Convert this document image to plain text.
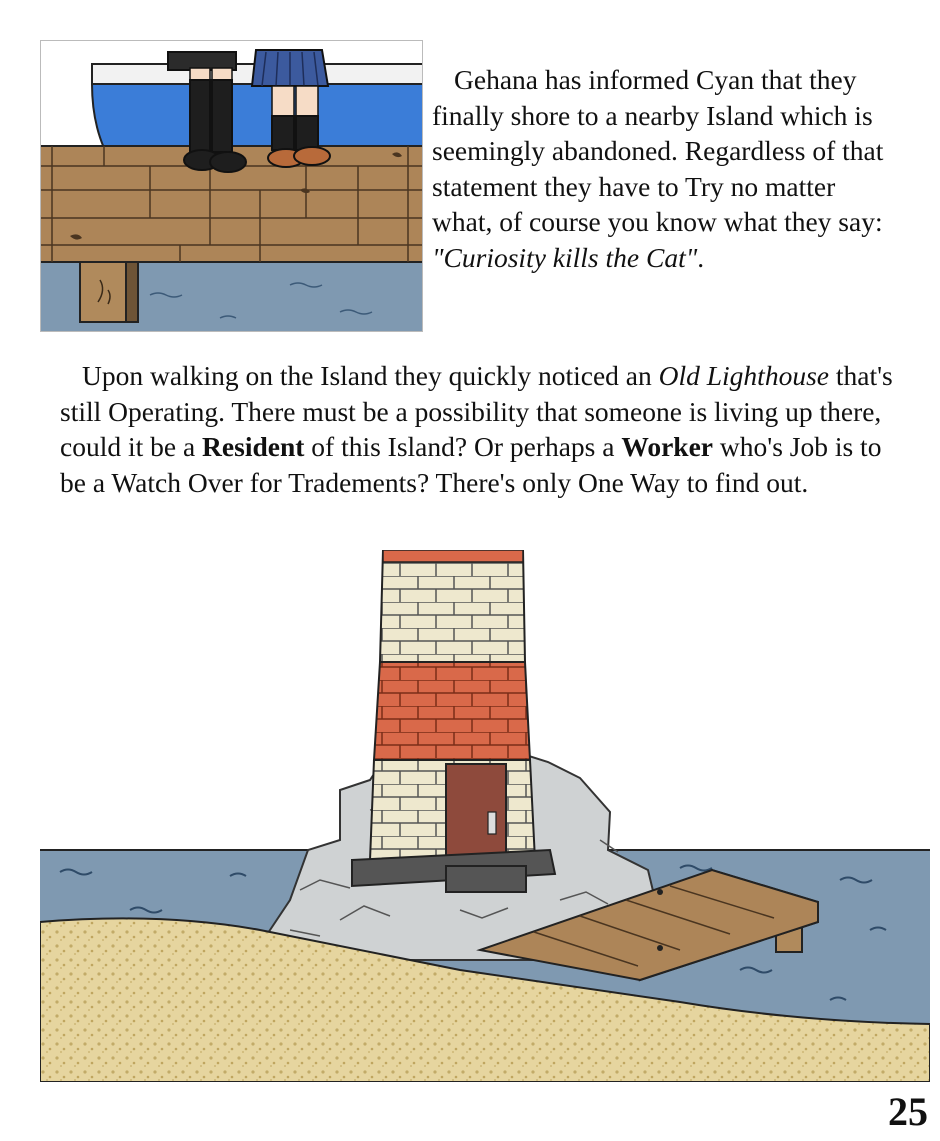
Gehana has informed Cyan that they finally shore to a nearby Island which is seemingly abandoned. Regardless of that statement they have to Try no matter what, of course you know what they say: "Curiosity kills the Cat".

Upon walking on the Island they quickly noticed an Old Lighthouse that's still Operating. There must be a possibility that someone is living up there, could it be a Resident of this Island? Or perhaps a Worker who's Job is to be a Watch Over for Tradements? There's only One Way to find out.

25
